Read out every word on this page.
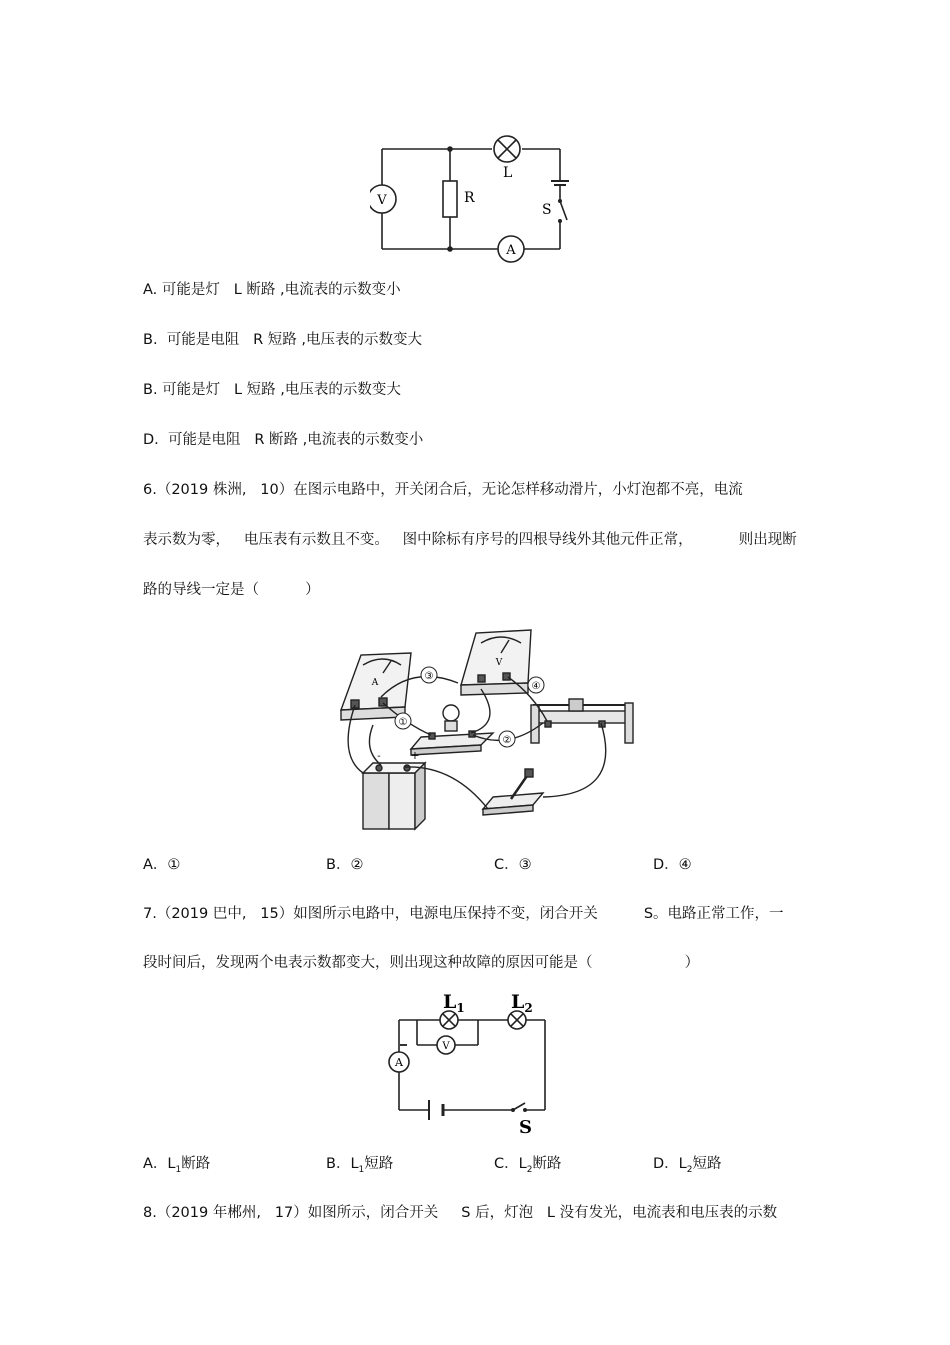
V	R
L
S
A
A. 可能是灯   L 断路 ,电流表的示数变小
B.  可能是电阻   R 短路 ,电压表的示数变大
B. 可能是灯   L 短路 ,电压表的示数变大
D.  可能是电阻   R 断路 ,电流表的示数变小
6.（2019 株洲,   10）在图示电路中，开关闭合后，无论怎样移动滑片，小灯泡都不亮，电流
表示数为零，   电压表有示数且不变。   图中除标有序号的四根导线外其他元件正常，          则出现断
路的导线一定是（          ）
A
V
①
②
③
④
-	+
A．①	B．②	C．③	D．④
7.（2019 巴中,   15）如图所示电路中，电源电压保持不变，闭合开关          S。电路正常工作，一
段时间后，发现两个电表示数都变大，则出现这种故障的原因可能是（                    ）
$L_1$ $L_2$
V
A
S
A．$L_1$断路	B．$L_1$短路	C．$L_2$断路	D．$L_2$短路
8.（2019 年郴州,   17）如图所示，闭合开关     S 后，灯泡   L 没有发光，电流表和电压表的示数
